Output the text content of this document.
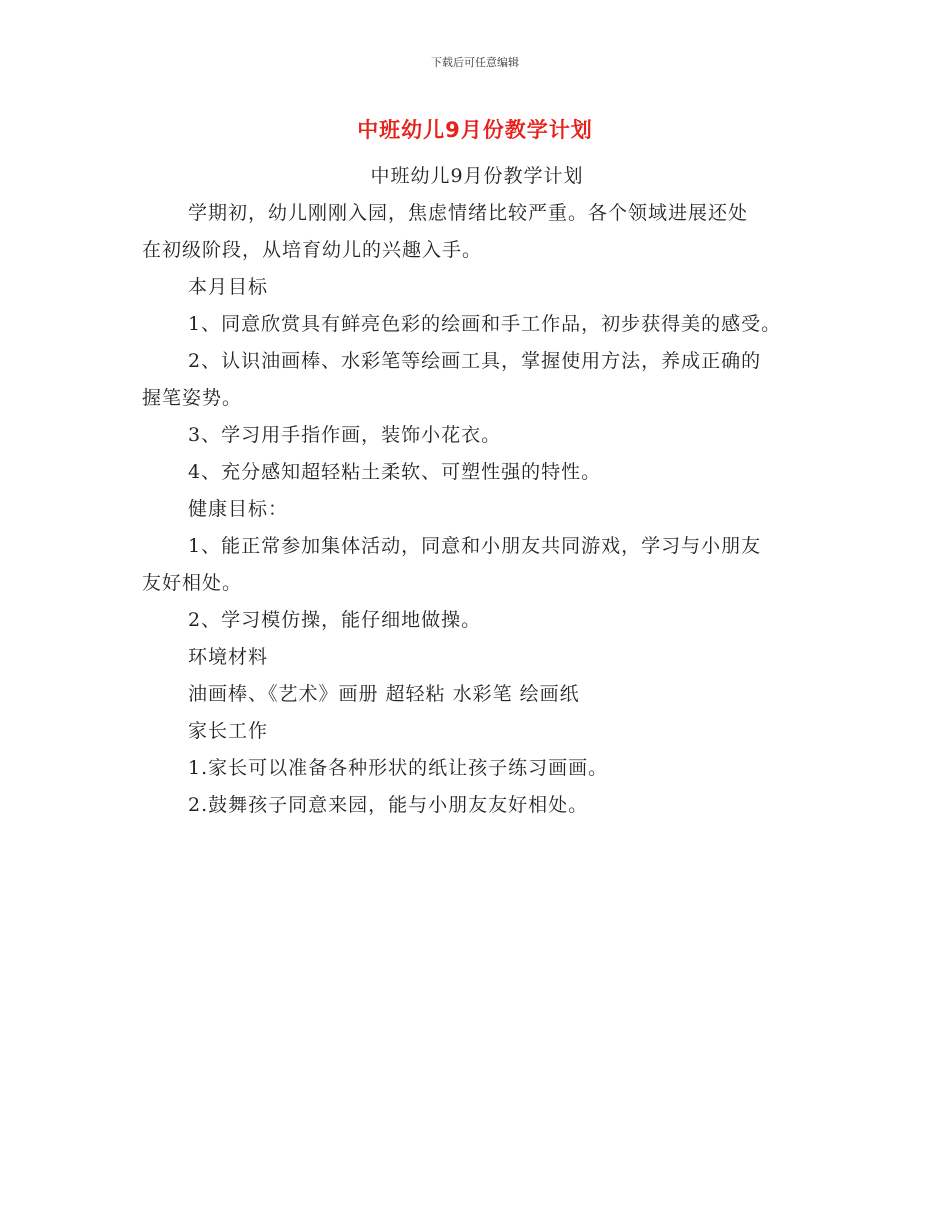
下载后可任意编辑
中班幼儿9月份教学计划
中班幼儿9月份教学计划

学期初，幼儿刚刚入园，焦虑情绪比较严重。各个领域进展还处

在初级阶段，从培育幼儿的兴趣入手。

本月目标

1、同意欣赏具有鲜亮色彩的绘画和手工作品，初步获得美的感受。

2、认识油画棒、水彩笔等绘画工具，掌握使用方法，养成正确的

握笔姿势。

3、学习用手指作画，装饰小花衣。

4、充分感知超轻粘土柔软、可塑性强的特性。

健康目标：

1、能正常参加集体活动，同意和小朋友共同游戏，学习与小朋友

友好相处。

2、学习模仿操，能仔细地做操。

环境材料

油画棒、《艺术》画册 超轻粘 水彩笔 绘画纸

家长工作

1.家长可以准备各种形状的纸让孩子练习画画。

2.鼓舞孩子同意来园，能与小朋友友好相处。
